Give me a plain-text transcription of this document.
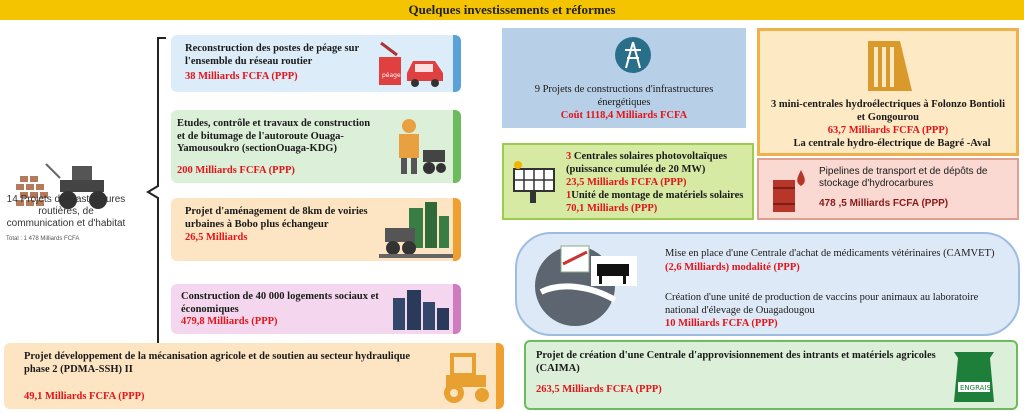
Quelques investissements et réformes
14 Projets d'infrastructures routières, de communication et d'habitat
Total : 1 478 Milliards FCFA
Reconstruction des postes de péage sur l'ensemble du réseau routier
38 Milliards FCFA (PPP)	péage
Etudes, contrôle et travaux de construction et de bitumage de l'autoroute Ouaga-Yamousoukro (sectionOuaga-KDG)
200 Milliards FCFA (PPP)
Projet d'aménagement de 8km de voiries urbaines à Bobo plus échangeur
26,5 Milliards
Construction de 40 000 logements sociaux et économiques
479,8 Milliards (PPP)
9 Projets de constructions d'infrastructures énergétiques
Coût 1118,4 Milliards FCFA
3 mini-centrales hydroélectriques à Folonzo Bontioli et Gongourou
63,7 Milliards FCFA (PPP)
La centrale hydro-électrique de Bagré -Aval
3 Centrales solaires photovoltaïques (puissance cumulée de 20 MW)
23,5 Milliards FCFA (PPP)
1Unité de montage de matériels solaires
70,1 Milliards (PPP)
Pipelines de transport et de dépôts de stockage d'hydrocarbures
478 ,5 Milliards FCFA (PPP)
Mise en place d'une Centrale d'achat de médicaments vétérinaires (CAMVET)
(2,6 Milliards) modalité (PPP)
Création d'une unité de production de vaccins pour animaux au laboratoire national d'élevage de Ouagadougou
10 Milliards FCFA (PPP)
Projet développement de la mécanisation agricole et de soutien au secteur hydraulique phase 2 (PDMA-SSH) II
49,1 Milliards FCFA (PPP)
Projet de création d'une Centrale d'approvisionnement des intrants et matériels agricoles (CAIMA)
263,5 Milliards FCFA (PPP)	ENGRAIS
